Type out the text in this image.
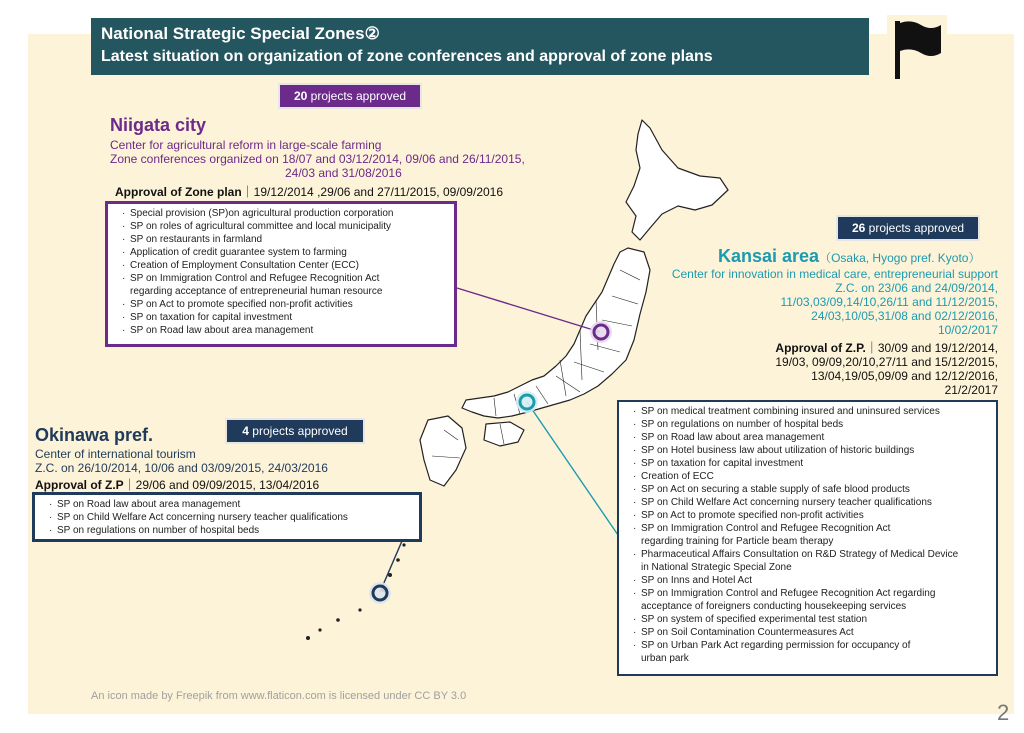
National Strategic Special Zones②
Latest situation on organization of zone conferences and approval of zone plans
20 projects approved
Niigata city
Center for agricultural reform in large-scale farming
Zone conferences organized on 18/07 and 03/12/2014, 09/06 and 26/11/2015,
24/03 and 31/08/2016
Approval of Zone plan｜19/12/2014 ,29/06 and 27/11/2015, 09/09/2016
· Special provision (SP)on agricultural production corporation
· SP on roles of agricultural committee and local municipality
· SP on restaurants in farmland
· Application of credit guarantee system to farming
· Creation of Employment Consultation Center (ECC)
· SP on Immigration Control and Refugee Recognition Act
regarding acceptance of entrepreneurial human resource
· SP on Act to promote specified non-profit activities
· SP on taxation for capital investment
· SP on Road law about area management
26 projects approved
Kansai area（Osaka, Hyogo pref. Kyoto）
Center for innovation in medical care, entrepreneurial support
Z.C. on 23/06 and 24/09/2014,
11/03,03/09,14/10,26/11 and 11/12/2015,
24/03,10/05,31/08 and 02/12/2016,
10/02/2017
Approval of Z.P.｜30/09 and 19/12/2014,
19/03, 09/09,20/10,27/11 and 15/12/2015,
13/04,19/05,09/09 and 12/12/2016,
21/2/2017
· SP on medical treatment combining insured and uninsured services
· SP on regulations on number of hospital beds
· SP on Road law about area management
· SP on Hotel business law about utilization of historic buildings
· SP on taxation for capital investment
· Creation of ECC
· SP on Act on securing a stable supply of safe blood products
· SP on Child Welfare Act concerning nursery teacher qualifications
· SP on Act to promote specified non-profit activities
· SP on Immigration Control and Refugee Recognition Act
regarding training for Particle beam therapy
· Pharmaceutical Affairs Consultation on R&D Strategy of Medical Device
in National Strategic Special Zone
· SP on Inns and Hotel Act
· SP on Immigration Control and Refugee Recognition Act regarding
acceptance of foreigners conducting housekeeping services
· SP on system of specified experimental test station
· SP on Soil Contamination Countermeasures Act
· SP on Urban Park Act regarding permission for occupancy of
urban park
4 projects approved
Okinawa pref.
Center of international tourism
Z.C. on 26/10/2014, 10/06 and 03/09/2015, 24/03/2016
Approval of Z.P｜29/06 and 09/09/2015, 13/04/2016
· SP on Road law about area management
· SP on Child Welfare Act concerning nursery teacher qualifications
· SP on regulations on number of hospital beds
An icon made by Freepik from www.flaticon.com is licensed under CC BY 3.0
2
